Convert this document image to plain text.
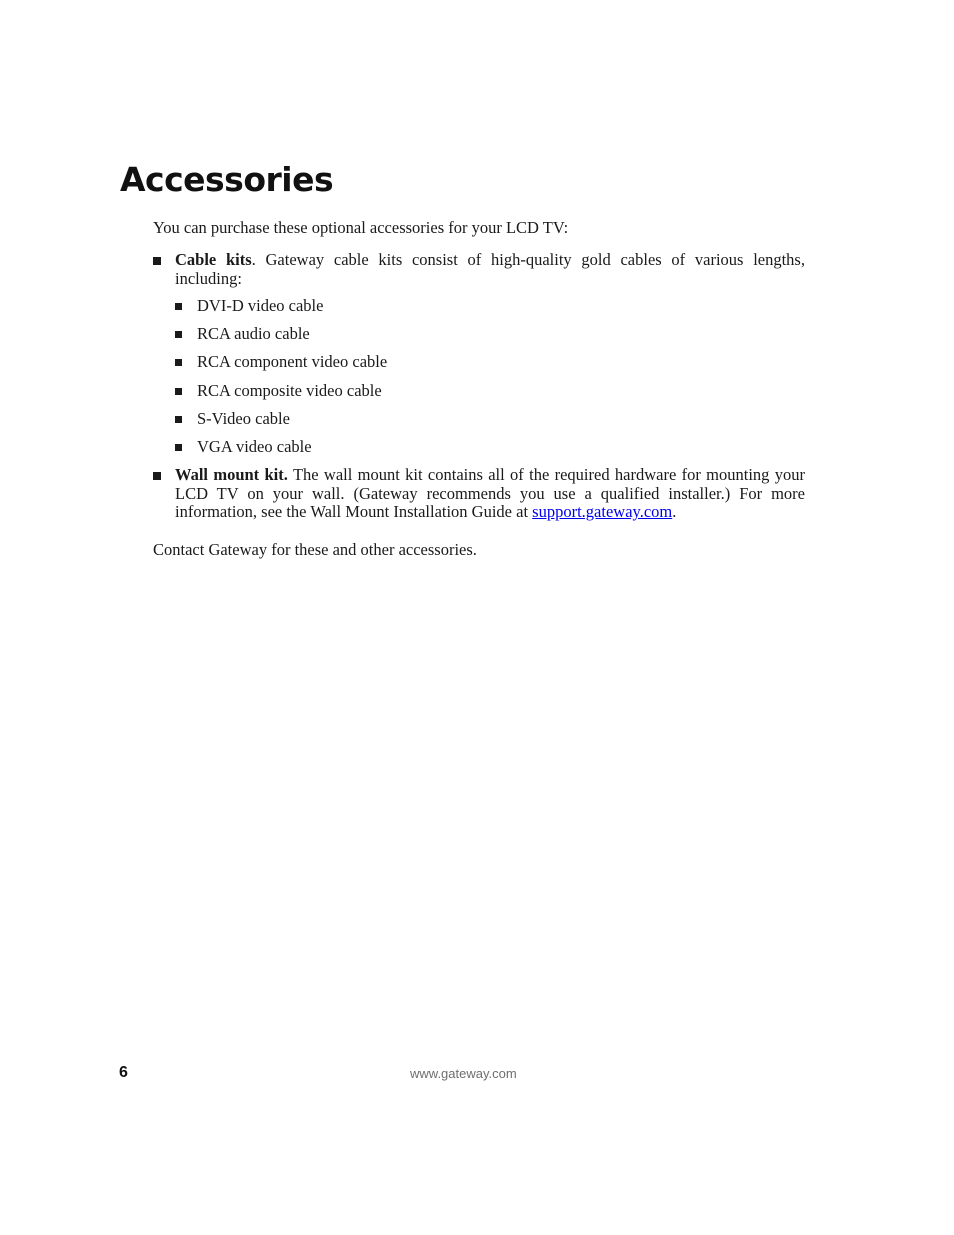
Accessories

You can purchase these optional accessories for your LCD TV:

Cable kits. Gateway cable kits consist of high-quality gold cables of various lengths, including:
DVI-D video cable
RCA audio cable
RCA component video cable
RCA composite video cable
S-Video cable
VGA video cable
Wall mount kit. The wall mount kit contains all of the required hardware for mounting your LCD TV on your wall. (Gateway recommends you use a qualified installer.) For more information, see the Wall Mount Installation Guide at support.gateway.com.

Contact Gateway for these and other accessories.

6	www.gateway.com
